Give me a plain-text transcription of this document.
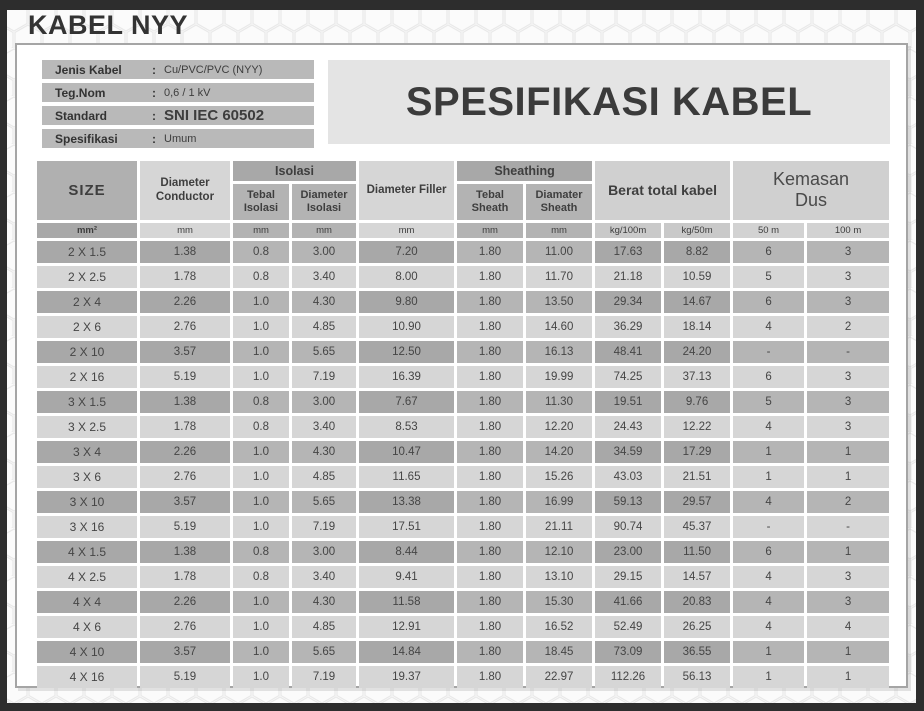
KABEL NYY
Jenis Kabel	: Cu/PVC/PVC (NYY)
Teg.Nom	: 0,6 / 1 kV
Standard	: SNI IEC 60502
Spesifikasi	: Umum
SPESIFIKASI KABEL
SIZE	Diameter Conductor	Isolasi		Diameter Filler	Sheathing		Berat total kabel		Kemasan Dus	
		Tebal Isolasi	Diameter Isolasi		Tebal Sheath	Diamater Sheath				
mm²	mm	mm	mm	mm	mm	mm	kg/100m	kg/50m	50 m	100 m
2 X 1.5	1.38	0.8	3.00	7.20	1.80	11.00	17.63	8.82	6	3
2 X 2.5	1.78	0.8	3.40	8.00	1.80	11.70	21.18	10.59	5	3
2 X 4	2.26	1.0	4.30	9.80	1.80	13.50	29.34	14.67	6	3
2 X 6	2.76	1.0	4.85	10.90	1.80	14.60	36.29	18.14	4	2
2 X 10	3.57	1.0	5.65	12.50	1.80	16.13	48.41	24.20	-	-
2 X 16	5.19	1.0	7.19	16.39	1.80	19.99	74.25	37.13	6	3
3 X 1.5	1.38	0.8	3.00	7.67	1.80	11.30	19.51	9.76	5	3
3 X 2.5	1.78	0.8	3.40	8.53	1.80	12.20	24.43	12.22	4	3
3 X 4	2.26	1.0	4.30	10.47	1.80	14.20	34.59	17.29	1	1
3 X 6	2.76	1.0	4.85	11.65	1.80	15.26	43.03	21.51	1	1
3 X 10	3.57	1.0	5.65	13.38	1.80	16.99	59.13	29.57	4	2
3 X 16	5.19	1.0	7.19	17.51	1.80	21.11	90.74	45.37	-	-
4 X 1.5	1.38	0.8	3.00	8.44	1.80	12.10	23.00	11.50	6	1
4 X 2.5	1.78	0.8	3.40	9.41	1.80	13.10	29.15	14.57	4	3
4 X 4	2.26	1.0	4.30	11.58	1.80	15.30	41.66	20.83	4	3
4 X 6	2.76	1.0	4.85	12.91	1.80	16.52	52.49	26.25	4	4
4 X 10	3.57	1.0	5.65	14.84	1.80	18.45	73.09	36.55	1	1
4 X 16	5.19	1.0	7.19	19.37	1.80	22.97	112.26	56.13	1	1
